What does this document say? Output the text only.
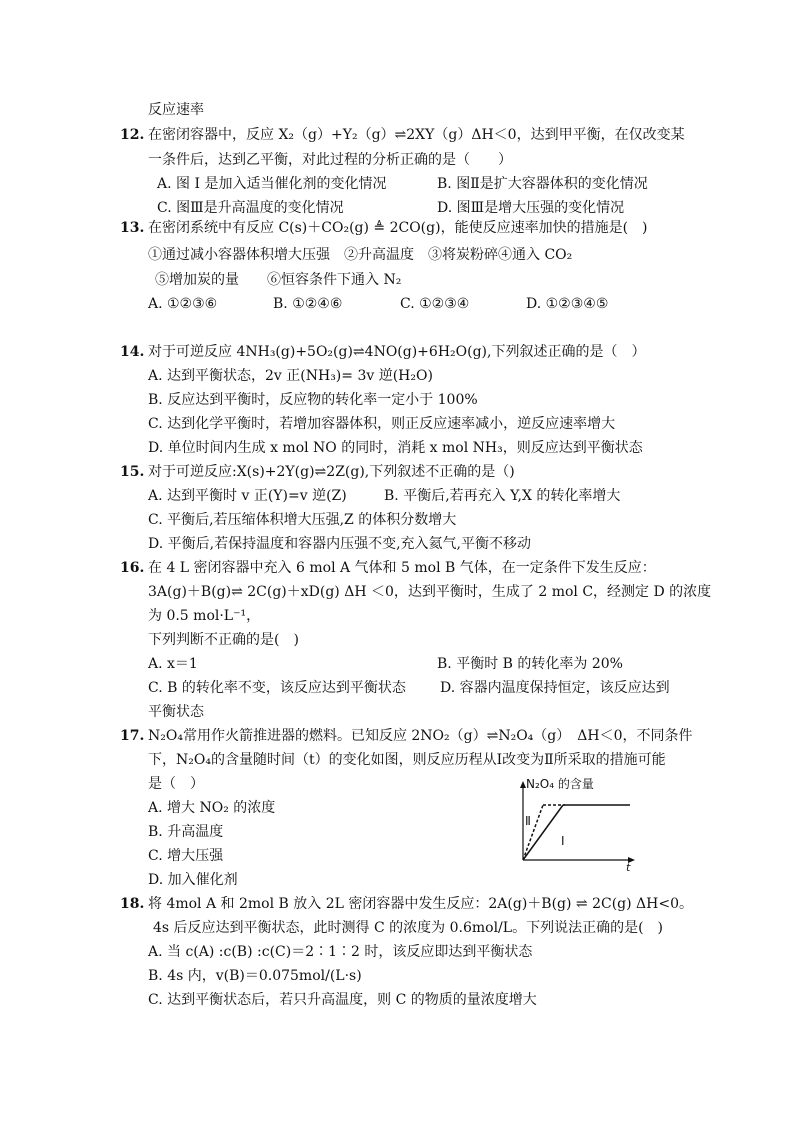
反应速率
12. 在密闭容器中，反应 X₂（g）+Y₂（g）⇌2XY（g）ΔH＜0，达到甲平衡，在仅改变某
一条件后，达到乙平衡，对此过程的分析正确的是（　　）
A. 图 I 是加入适当催化剂的变化情况	B. 图Ⅱ是扩大容器体积的变化情况
C. 图Ⅲ是升高温度的变化情况	D. 图Ⅲ是增大压强的变化情况
13. 在密闭系统中有反应 C(s)＋CO₂(g) ≜ 2CO(g)，能使反应速率加快的措施是(　)
①通过减小容器体积增大压强　②升高温度　③将炭粉碎④通入 CO₂
⑤增加炭的量　　⑥恒容条件下通入 N₂
A. ①②③⑥	B. ①②④⑥	C. ①②③④	D. ①②③④⑤
14. 对于可逆反应 4NH₃(g)+5O₂(g)⇌4NO(g)+6H₂O(g),下列叙述正确的是（　）
A. 达到平衡状态，2v 正(NH₃)= 3v 逆(H₂O)
B. 反应达到平衡时，反应物的转化率一定小于 100%
C. 达到化学平衡时，若增加容器体积，则正反应速率减小，逆反应速率增大
D. 单位时间内生成 x mol NO 的同时，消耗 x mol NH₃，则反应达到平衡状态
15. 对于可逆反应:X(s)+2Y(g)⇌2Z(g),下列叙述不正确的是（)
A. 达到平衡时 v 正(Y)=v 逆(Z)	B. 平衡后,若再充入 Y,X 的转化率增大
C. 平衡后,若压缩体积增大压强,Z 的体积分数增大
D. 平衡后,若保持温度和容器内压强不变,充入氦气,平衡不移动
16. 在 4 L 密闭容器中充入 6 mol A 气体和 5 mol B 气体，在一定条件下发生反应：
3A(g)＋B(g)⇌ 2C(g)＋xD(g) ΔH ＜0，达到平衡时，生成了 2 mol C，经测定 D 的浓度
为 0.5 mol·L⁻¹，
下列判断不正确的是(　)
A. x＝1	B. 平衡时 B 的转化率为 20%
C. B 的转化率不变，该反应达到平衡状态 D. 容器内温度保持恒定，该反应达到
平衡状态
17. N₂O₄常用作火箭推进器的燃料。已知反应 2NO₂（g）⇌N₂O₄（g）　ΔH＜0，不同条件
下，N₂O₄的含量随时间（t）的变化如图，则反应历程从Ⅰ改变为Ⅱ所采取的措施可能
是（　）
A. 增大 NO₂ 的浓度
B. 升高温度
C. 增大压强
D. 加入催化剂
N₂O₄ 的含量
t
Ⅱ
Ⅰ
18. 将 4mol A 和 2mol B 放入 2L 密闭容器中发生反应：2A(g)＋B(g) ⇌ 2C(g) ΔH<0。
4s 后反应达到平衡状态，此时测得 C 的浓度为 0.6mol/L。下列说法正确的是(　)
A. 当 c(A) :c(B) :c(C)＝2∶1∶2 时，该反应即达到平衡状态
B. 4s 内，v(B)＝0.075mol/(L·s)
C. 达到平衡状态后，若只升高温度，则 C 的物质的量浓度增大
